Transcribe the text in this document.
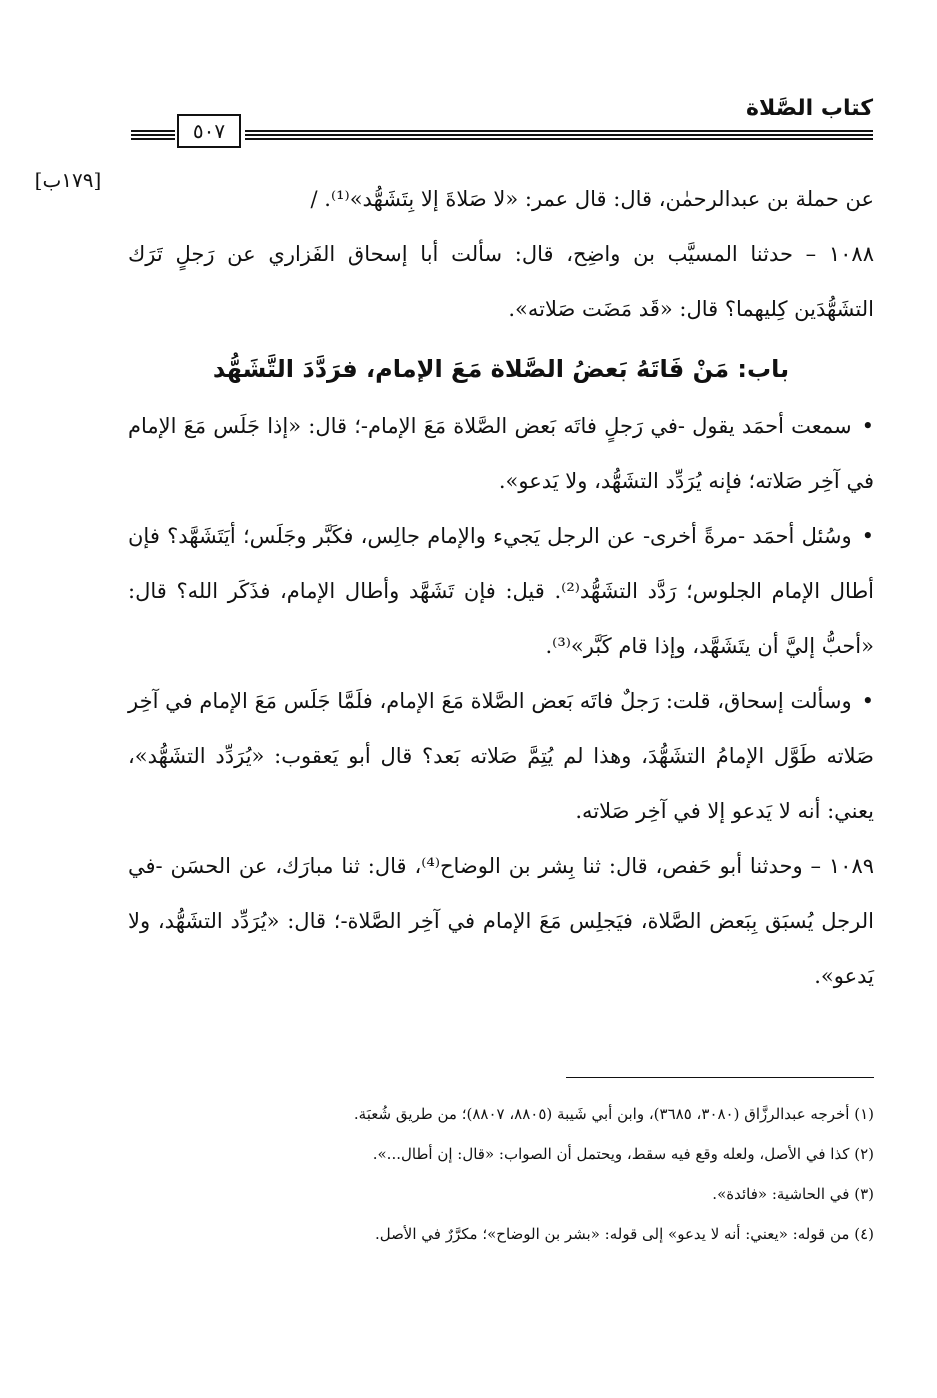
كتاب الصَّلاة
٥٠٧
[١٧٩ب]

عن حملة بن عبدالرحمٰن، قال: قال عمر: «لا صَلاةَ إلا بِتَشَهُّد»⁽¹⁾. /

١٠٨٨ – حدثنا المسيَّب بن واضِح، قال: سألت أبا إسحاق الفَزاري عن رَجلٍ تَرَك التشَهُّدَين كِليهما؟ قال: «قَد مَضَت صَلاته».

باب: مَنْ فَاتَهُ بَعضُ الصَّلاة مَعَ الإمام، فرَدَّدَ التَّشَهُّد

•سمعت أحمَد يقول -في رَجلٍ فاتَه بَعض الصَّلاة مَعَ الإمام-؛ قال: «إذا جَلَس مَعَ الإمام في آخِر صَلاته؛ فإنه يُرَدِّد التشَهُّد، ولا يَدعو».

•وسُئل أحمَد -مرةً أخرى- عن الرجل يَجيء والإمام جالِس، فكَبَّر وجَلَس؛ أيَتَشَهَّد؟ فإن أطال الإمام الجلوس؛ رَدَّد التشَهُّد⁽²⁾. قيل: فإن تَشَهَّد وأطال الإمام، فذَكَر الله؟ قال: «أحبُّ إليَّ أن يتَشَهَّد، وإذا قام كَبَّر»⁽³⁾.

•وسألت إسحاق، قلت: رَجلٌ فاتَه بَعض الصَّلاة مَعَ الإمام، فلَمَّا جَلَس مَعَ الإمام في آخِر صَلاته طَوَّل الإمامُ التشَهُّدَ، وهذا لم يُتِمَّ صَلاته بَعد؟ قال أبو يَعقوب: «يُرَدِّد التشَهُّد»، يعني: أنه لا يَدعو إلا في آخِر صَلاته.

١٠٨٩ – وحدثنا أبو حَفص، قال: ثنا بِشر بن الوضاح⁽⁴⁾، قال: ثنا مبارَك، عن الحسَن -في الرجل يُسبَق بِبَعض الصَّلاة، فيَجلِس مَعَ الإمام في آخِر الصَّلاة-؛ قال: «يُرَدِّد التشَهُّد، ولا يَدعو».

(١) أخرجه عبدالرزَّاق (٣٠٨٠، ٣٦٨٥)، وابن أبي شَيبة (٨٨٠٥، ٨٨٠٧)؛ من طريق شُعبَة.

(٢) كذا في الأصل، ولعله وقع فيه سقط، ويحتمل أن الصواب: «قال: إن أطال...».

(٣) في الحاشية: «فائدة».

(٤) من قوله: «يعني: أنه لا يدعو» إلى قوله: «بشر بن الوضاح»؛ مكرَّرٌ في الأصل.
